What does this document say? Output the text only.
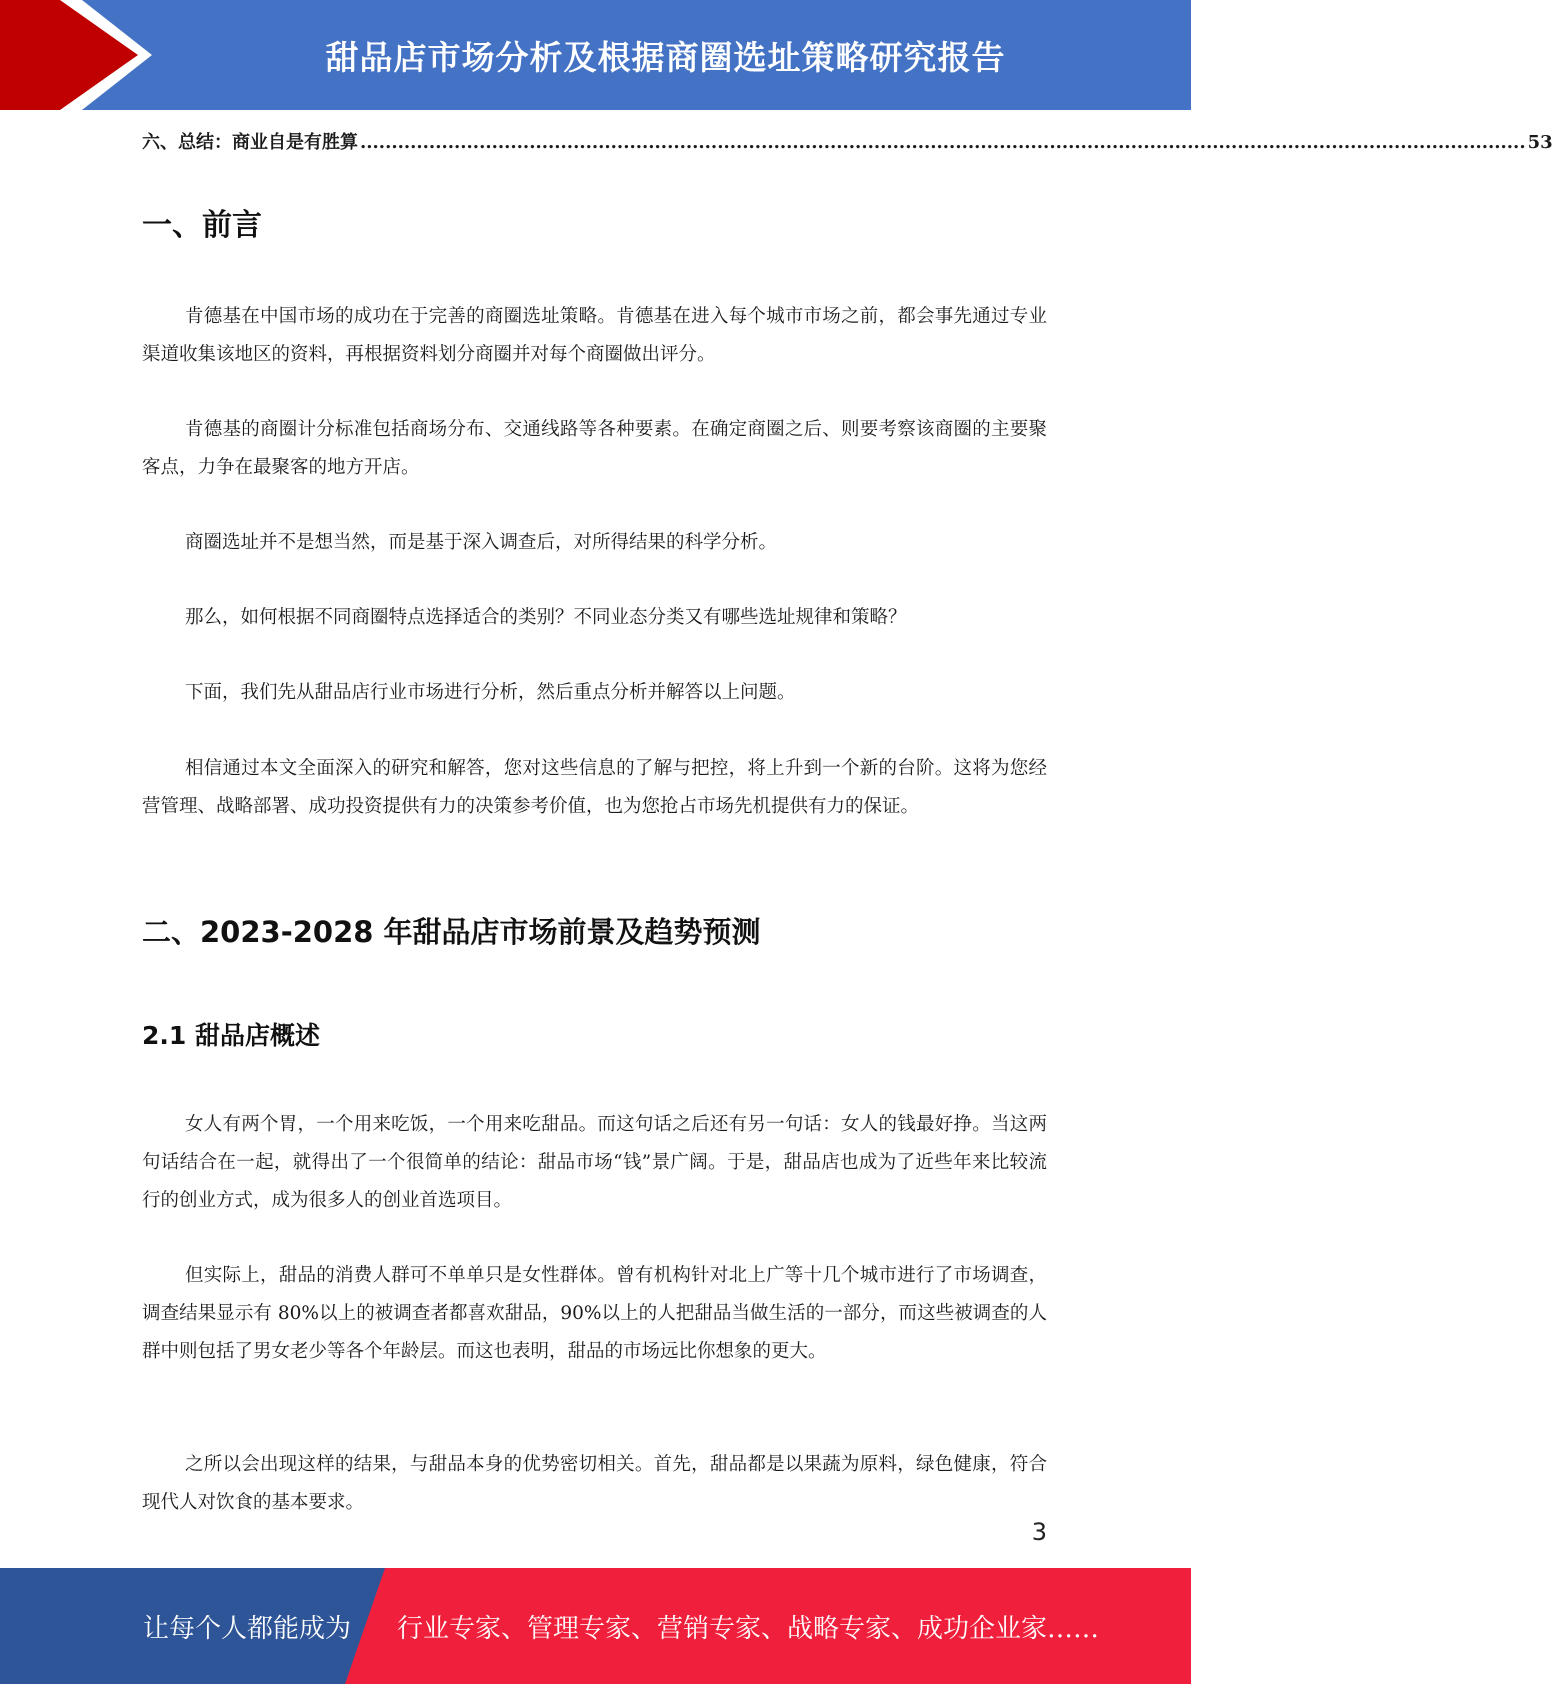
甜品店市场分析及根据商圈选址策略研究报告
六、总结：商业自是有胜算 .......................................................................................................................................................................................... 53
一、前言
肯德基在中国市场的成功在于完善的商圈选址策略。肯德基在进入每个城市市场之前，都会事先通过专业渠道收集该地区的资料，再根据资料划分商圈并对每个商圈做出评分。
肯德基的商圈计分标准包括商场分布、交通线路等各种要素。在确定商圈之后、则要考察该商圈的主要聚客点，力争在最聚客的地方开店。
商圈选址并不是想当然，而是基于深入调查后，对所得结果的科学分析。
那么，如何根据不同商圈特点选择适合的类别？不同业态分类又有哪些选址规律和策略？
下面，我们先从甜品店行业市场进行分析，然后重点分析并解答以上问题。
相信通过本文全面深入的研究和解答，您对这些信息的了解与把控，将上升到一个新的台阶。这将为您经营管理、战略部署、成功投资提供有力的决策参考价值，也为您抢占市场先机提供有力的保证。
二、2023-2028 年甜品店市场前景及趋势预测
2.1 甜品店概述
女人有两个胃，一个用来吃饭，一个用来吃甜品。而这句话之后还有另一句话：女人的钱最好挣。当这两句话结合在一起，就得出了一个很简单的结论：甜品市场“钱”景广阔。于是，甜品店也成为了近些年来比较流行的创业方式，成为很多人的创业首选项目。
但实际上，甜品的消费人群可不单单只是女性群体。曾有机构针对北上广等十几个城市进行了市场调查，调查结果显示有 80%以上的被调查者都喜欢甜品，90%以上的人把甜品当做生活的一部分，而这些被调查的人群中则包括了男女老少等各个年龄层。而这也表明，甜品的市场远比你想象的更大。
之所以会出现这样的结果，与甜品本身的优势密切相关。首先，甜品都是以果蔬为原料，绿色健康，符合现代人对饮食的基本要求。
3
让每个人都能成为 行业专家、管理专家、营销专家、战略专家、成功企业家……
